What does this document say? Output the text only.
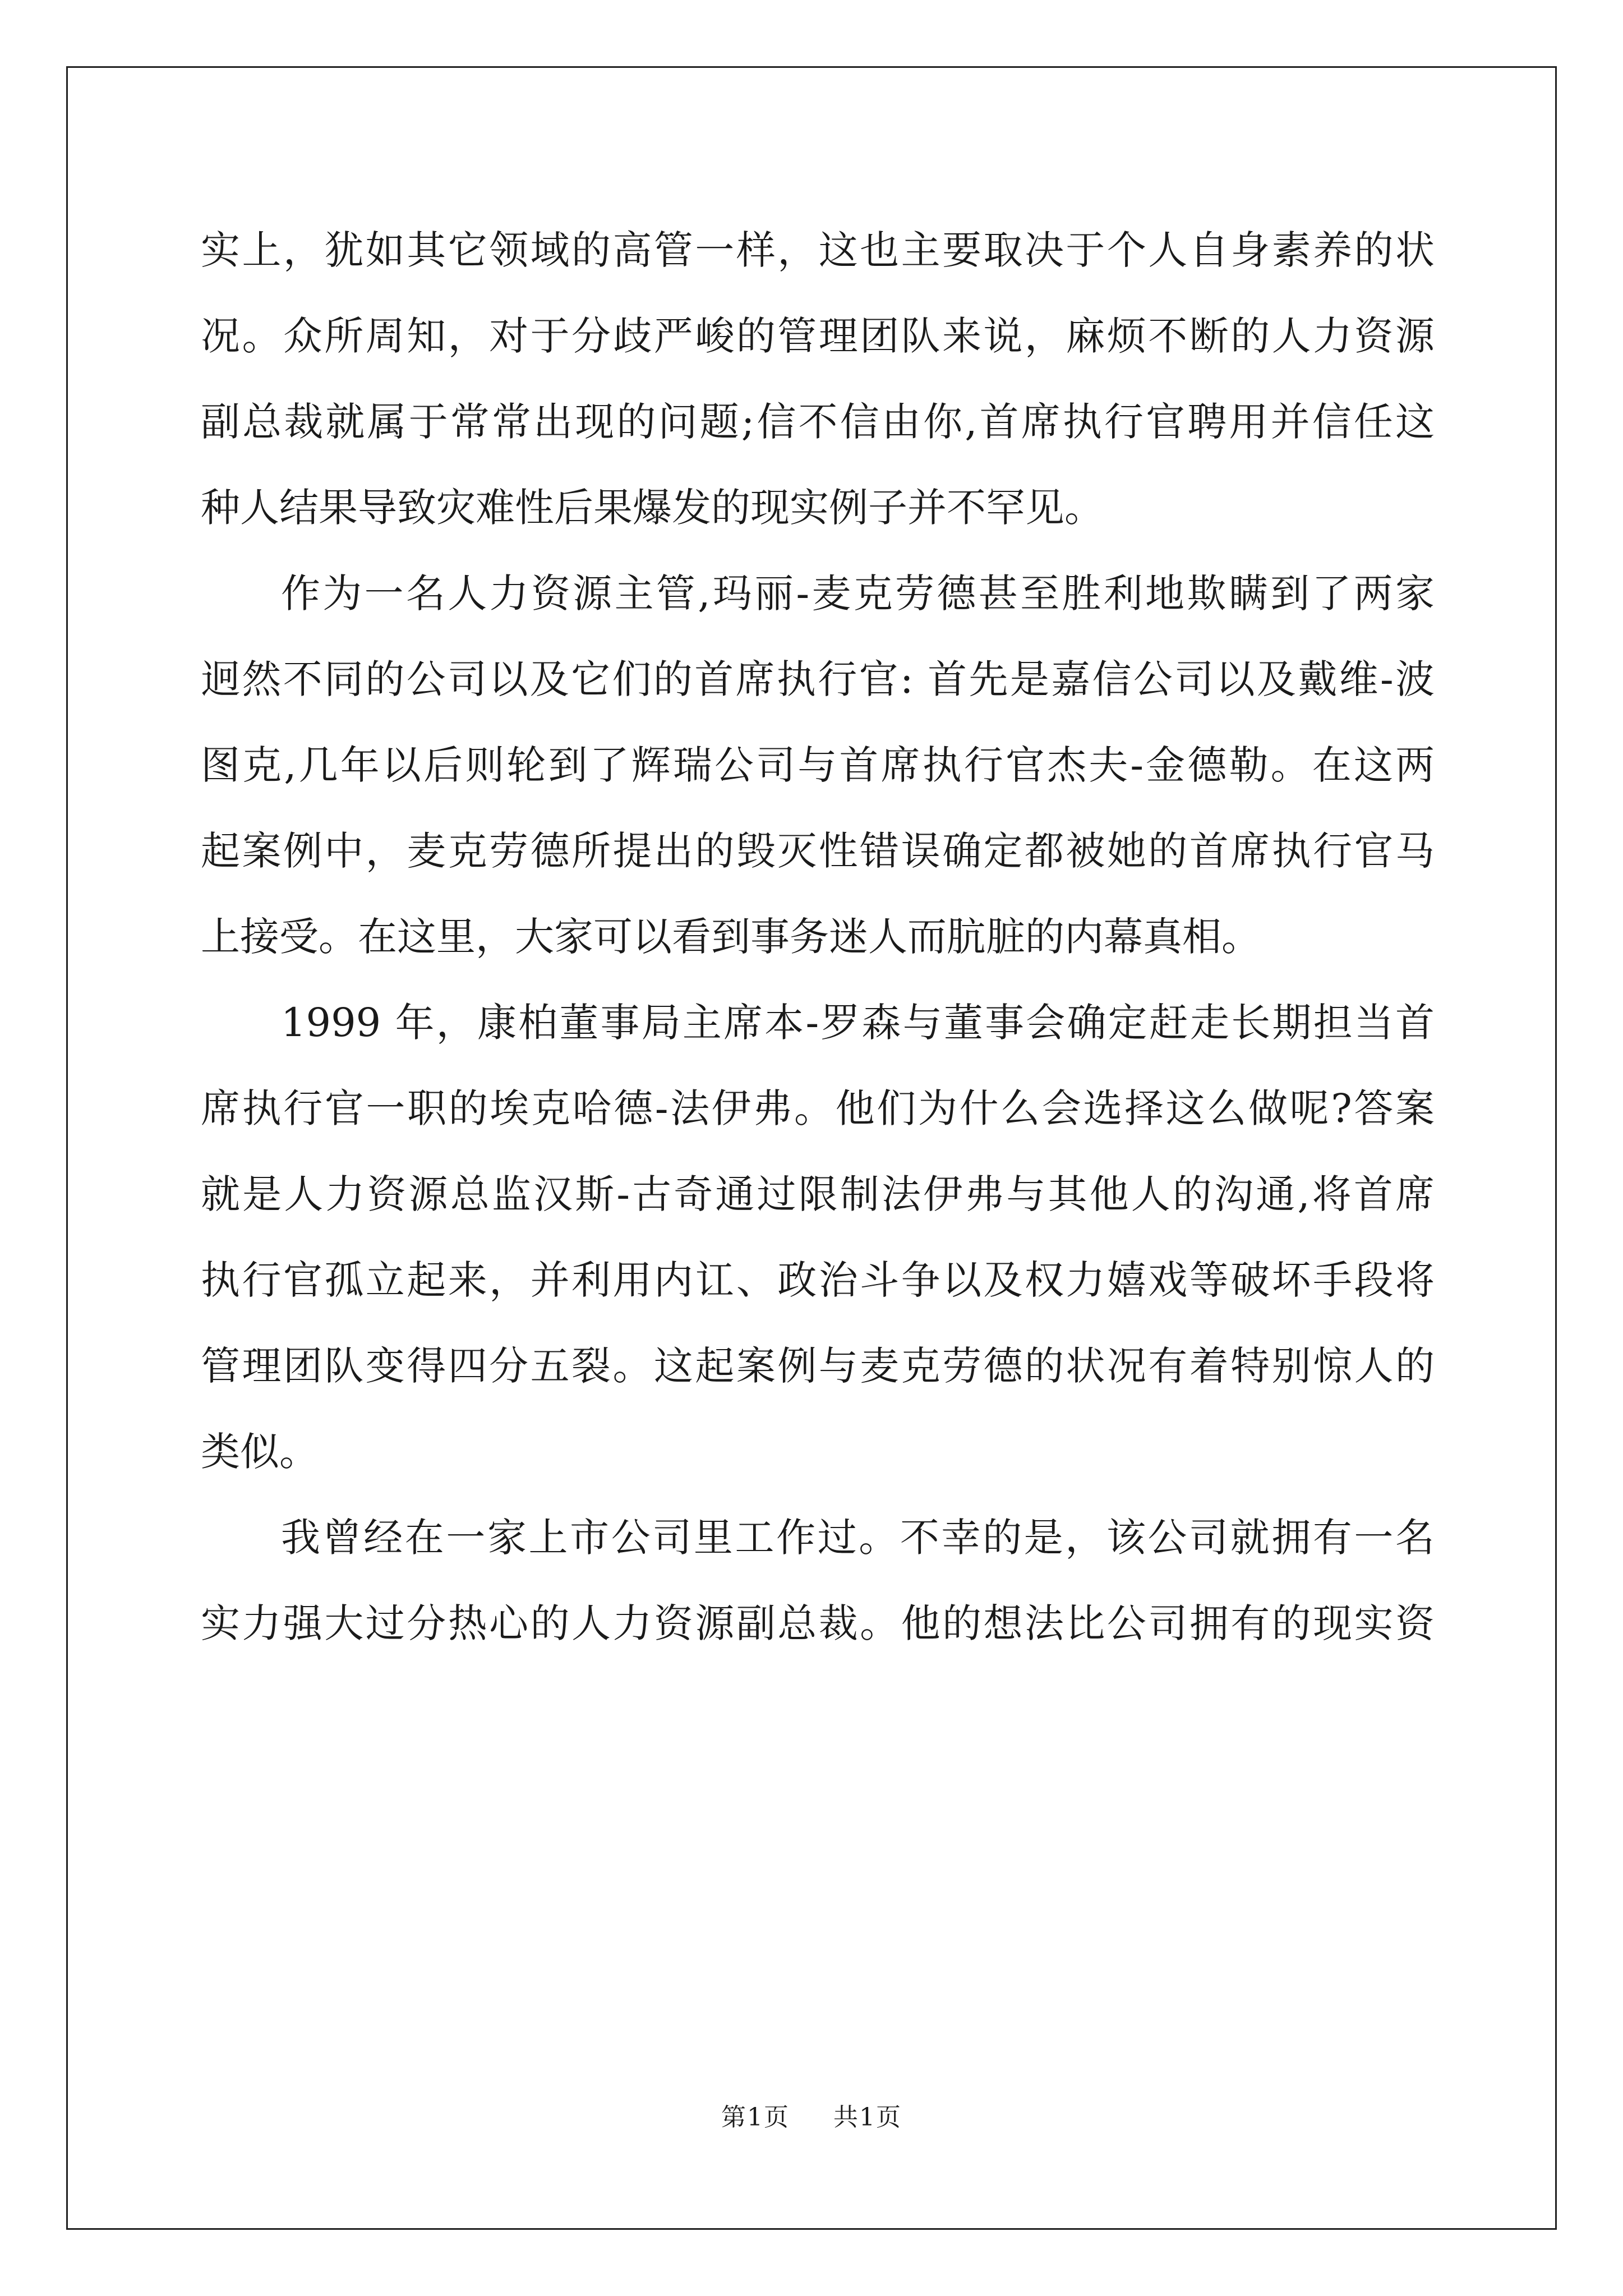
实上，犹如其它领域的高管一样，这也主要取决于个人自身素养的状
况。众所周知，对于分歧严峻的管理团队来说，麻烦不断的人力资源
副总裁就属于常常出现的问题;信不信由你,首席执行官聘用并信任这
种人结果导致灾难性后果爆发的现实例子并不罕见。
作为一名人力资源主管,玛丽-麦克劳德甚至胜利地欺瞒到了两家
迥然不同的公司以及它们的首席执行官: 首先是嘉信公司以及戴维-波
图克,几年以后则轮到了辉瑞公司与首席执行官杰夫-金德勒。在这两
起案例中，麦克劳德所提出的毁灭性错误确定都被她的首席执行官马
上接受。在这里，大家可以看到事务迷人而肮脏的内幕真相。
1999 年，康柏董事局主席本-罗森与董事会确定赶走长期担当首
席执行官一职的埃克哈德-法伊弗。他们为什么会选择这么做呢?答案
就是人力资源总监汉斯-古奇通过限制法伊弗与其他人的沟通,将首席
执行官孤立起来，并利用内讧、政治斗争以及权力嬉戏等破坏手段将
管理团队变得四分五裂。这起案例与麦克劳德的状况有着特别惊人的
类似。
我曾经在一家上市公司里工作过。不幸的是，该公司就拥有一名
实力强大过分热心的人力资源副总裁。他的想法比公司拥有的现实资
第1页 共1页
